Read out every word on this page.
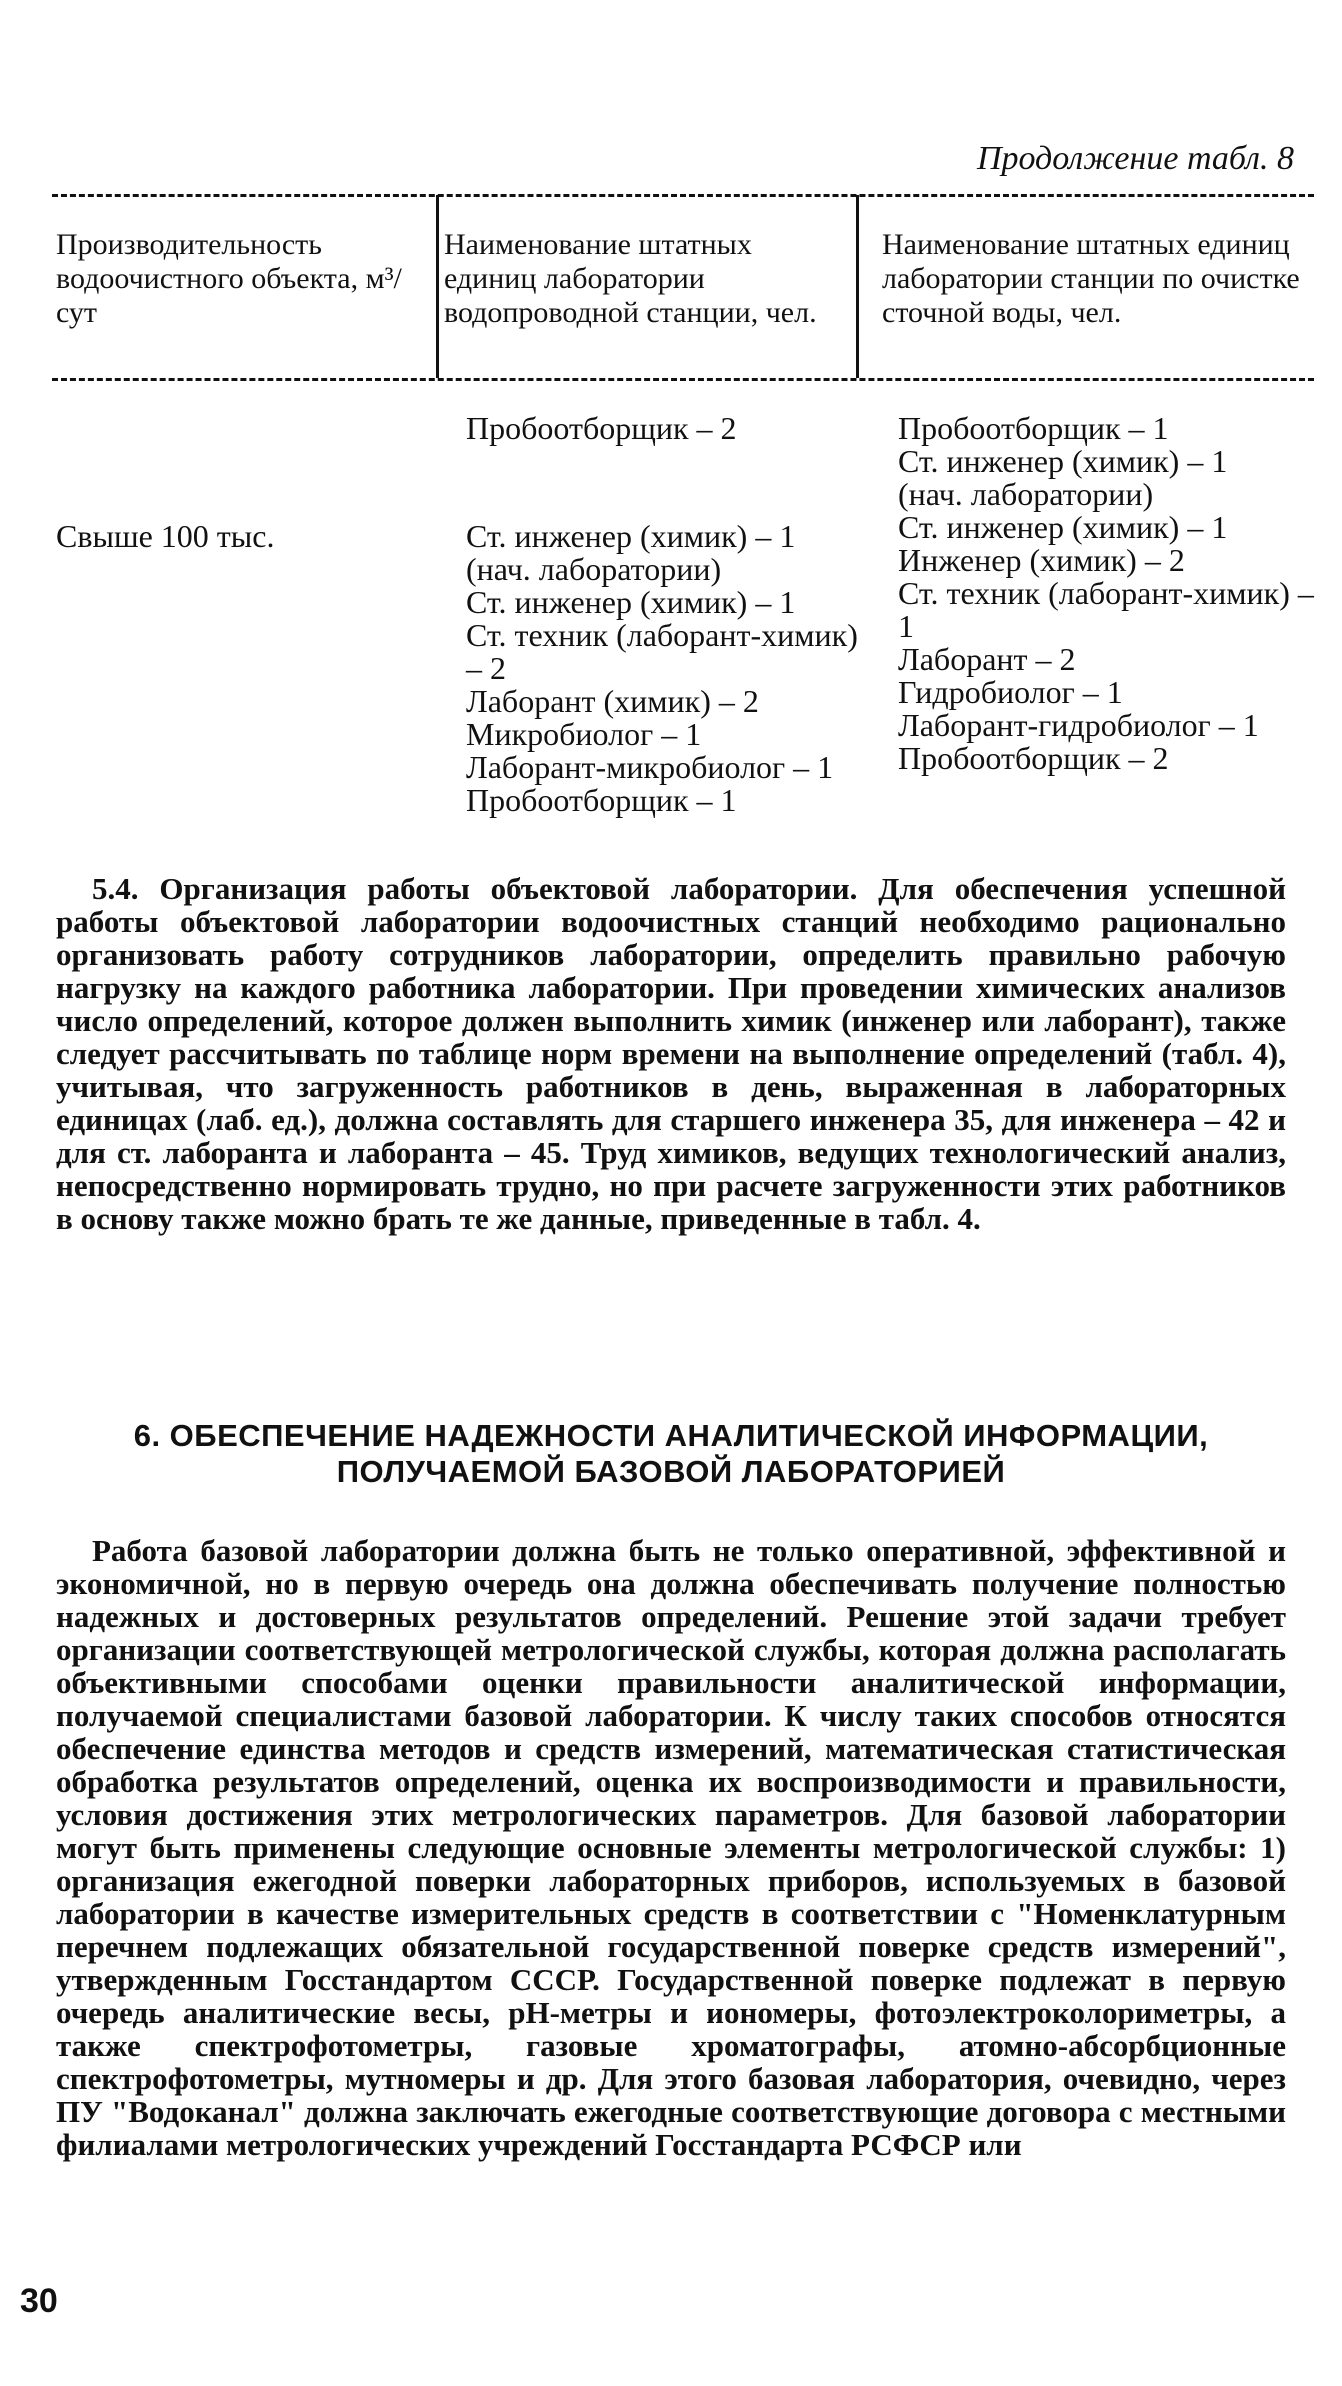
Продолжение табл. 8
Производительность водоочистного объекта, м³/сут
Наименование штатных единиц лаборатории водопроводной станции, чел.
Наименование штатных единиц лаборатории станции по очистке сточной воды, чел.
Пробоотборщик – 2	Пробоотборщик – 1
Ст. инженер (химик) – 1
(нач. лаборатории)
Ст. инженер (химик) – 1
Инженер (химик) – 2
Ст. техник (лаборант-химик) – 1
Лаборант – 2
Гидробиолог – 1
Лаборант-гидробиолог – 1
Пробоотборщик – 2
Свыше 100 тыс.	Ст. инженер (химик) – 1
(нач. лаборатории)
Ст. инженер (химик) – 1
Ст. техник (лаборант-химик) – 2
Лаборант (химик) – 2
Микробиолог – 1
Лаборант-микробиолог – 1
Пробоотборщик – 1
5.4. Организация работы объектовой лаборатории. Для обеспечения успешной работы объектовой лаборатории водоочистных станций необходимо рационально организовать работу сотрудников лаборатории, определить правильно рабочую нагрузку на каждого работника лаборатории. При проведении химических анализов число определений, которое должен выполнить химик (инженер или лаборант), также следует рассчитывать по таблице норм времени на выполнение определений (табл. 4), учитывая, что загруженность работников в день, выраженная в лабораторных единицах (лаб. ед.), должна составлять для старшего инженера 35, для инженера – 42 и для ст. лаборанта и лаборанта – 45. Труд химиков, ведущих технологический анализ, непосредственно нормировать трудно, но при расчете загруженности этих работников в основу также можно брать те же данные, приведенные в табл. 4.
6. ОБЕСПЕЧЕНИЕ НАДЕЖНОСТИ АНАЛИТИЧЕСКОЙ ИНФОРМАЦИИ,
ПОЛУЧАЕМОЙ БАЗОВОЙ ЛАБОРАТОРИЕЙ
Работа базовой лаборатории должна быть не только оперативной, эффективной и экономичной, но в первую очередь она должна обеспечивать получение полностью надежных и достоверных результатов определений. Решение этой задачи требует организации соответствующей метрологической службы, которая должна располагать объективными способами оценки правильности аналитической информации, получаемой специалистами базовой лаборатории. К числу таких способов относятся обеспечение единства методов и средств измерений, математическая статистическая обработка результатов определений, оценка их воспроизводимости и правильности, условия достижения этих метрологических параметров. Для базовой лаборатории могут быть применены следующие основные элементы метрологической службы: 1) организация ежегодной поверки лабораторных приборов, используемых в базовой лаборатории в качестве измерительных средств в соответствии с "Номенклатурным перечнем подлежащих обязательной государственной поверке средств измерений", утвержденным Госстандартом СССР. Государственной поверке подлежат в первую очередь аналитические весы, pH-метры и иономеры, фотоэлектроколориметры, а также спектрофотометры, газовые хроматографы, атомно-абсорбционные спектрофотометры, мутномеры и др. Для этого базовая лаборатория, очевидно, через ПУ "Водоканал" должна заключать ежегодные соответствующие договора с местными филиалами метрологических учреждений Госстандарта РСФСР или
30
